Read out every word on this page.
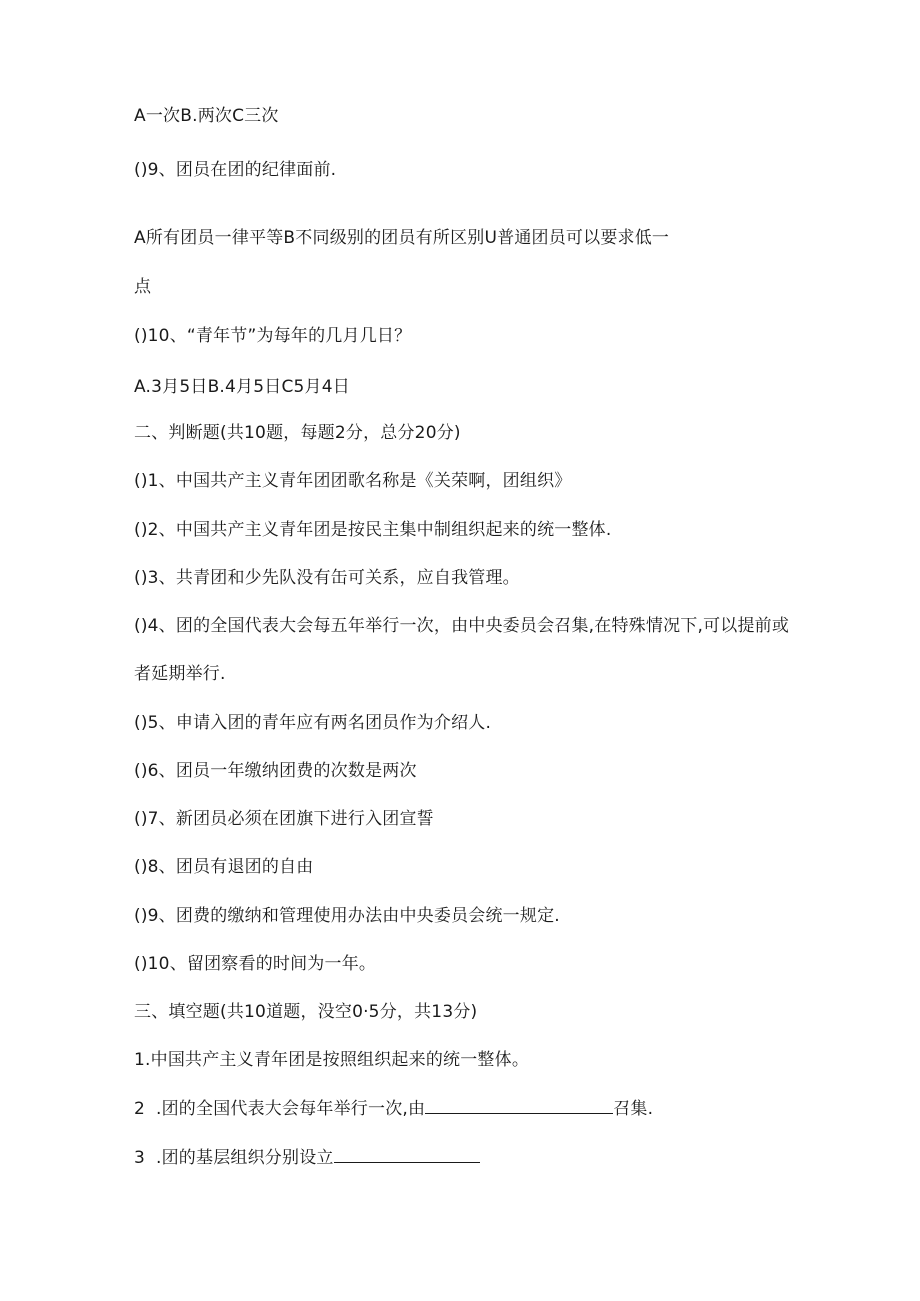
A一次B.两次C三次
()9、团员在团的纪律面前.
A所有团员一律平等B不同级别的团员有所区别U普通团员可以要求低一
点
()10、“青年节”为每年的几月几日？
A.3月5日B.4月5日C5月4日
二、判断题(共10题，每题2分，总分20分)
()1、中国共产主义青年团团歌名称是《关荣啊，团组织》
()2、中国共产主义青年团是按民主集中制组织起来的统一整体.
()3、共青团和少先队没有缶可关系，应自我管理。
()4、团的全国代表大会每五年举行一次，由中央委员会召集,在特殊情况下,可以提前或
者延期举行.
()5、申请入团的青年应有两名团员作为介绍人.
()6、团员一年缴纳团费的次数是两次
()7、新团员必须在团旗下进行入团宣誓
()8、团员有退团的自由
()9、团费的缴纳和管理使用办法由中央委员会统一规定.
()10、留团察看的时间为一年。
三、填空题(共10道题，没空0·5分，共13分)
1.中国共产主义青年团是按照组织起来的统一整体。
2 .团的全国代表大会每年举行一次,由	召集.
3 .团的基层组织分别设立
